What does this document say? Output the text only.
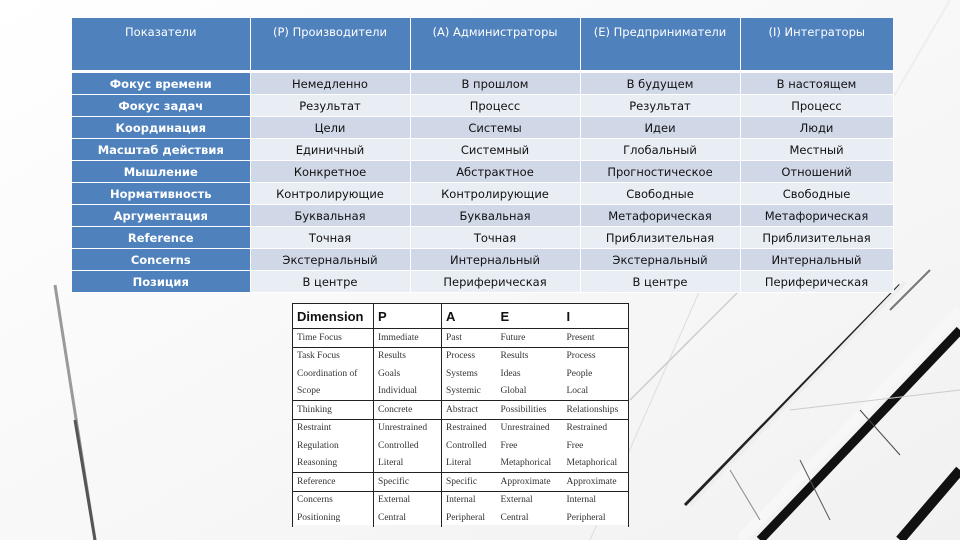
Показатели	(P) Производители	(A) Администраторы	(E) Предприниматели	(I) Интеграторы

Фокус времени	Немедленно	В прошлом	В будущем	В настоящем
Фокус задач	Результат	Процесс	Результат	Процесс
Координация	Цели	Системы	Идеи	Люди
Масштаб действия	Единичный	Системный	Глобальный	Местный
Мышление	Конкретное	Абстрактное	Прогностическое	Отношений
Нормативность	Контролирующие	Контролирующие	Свободные	Свободные
Аргументация	Буквальная	Буквальная	Метафорическая	Метафорическая
Reference	Точная	Точная	Приблизительная	Приблизительная
Concerns	Экстернальный	Интернальный	Экстернальный	Интернальный
Позиция	В центре	Периферическая	В центре	Периферическая
Dimension	P	A	E	I
Time Focus	Immediate	Past	Future	Present
Task Focus	Results	Process	Results	Process
Coordination of	Goals	Systems	Ideas	People
Scope	Individual	Systemic	Global	Local
Thinking	Concrete	Abstract	Possibilities	Relationships
Restraint	Unrestrained	Restrained	Unrestrained	Restrained
Regulation	Controlled	Controlled	Free	Free
Reasoning	Literal	Literal	Metaphorical	Metaphorical
Reference	Specific	Specific	Approximate	Approximate
Concerns	External	Internal	External	Internal
Positioning	Central	Peripheral	Central	Peripheral
